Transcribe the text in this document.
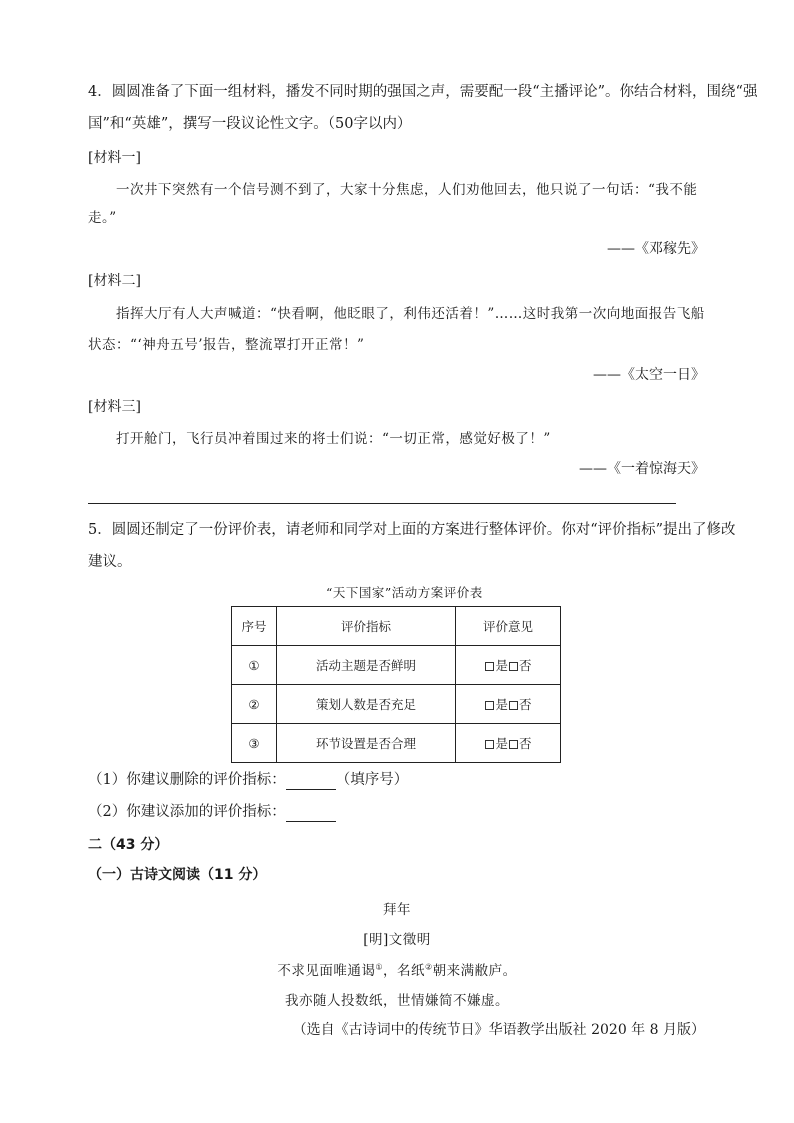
4．圆圆准备了下面一组材料，播发不同时期的强国之声，需要配一段“主播评论”。你结合材料，围绕“强
国”和“英雄”，撰写一段议论性文字。（50字以内）
[材料一]
一次井下突然有一个信号测不到了，大家十分焦虑，人们劝他回去，他只说了一句话：“我不能
走。”
——《邓稼先》
[材料二]
指挥大厅有人大声喊道：“快看啊，他眨眼了，利伟还活着！”……这时我第一次向地面报告飞船
状态：“‘神舟五号’报告，整流罩打开正常！”
——《太空一日》
[材料三]
打开舱门，飞行员冲着围过来的将士们说：“一切正常，感觉好极了！”
——《一着惊海天》
5．圆圆还制定了一份评价表，请老师和同学对上面的方案进行整体评价。你对“评价指标”提出了修改
建议。
“天下国家”活动方案评价表
序号	评价指标	评价意见
①	活动主题是否鲜明	是 否
②	策划人数是否充足	是 否
③	环节设置是否合理	是 否
（1）你建议删除的评价指标：	（填序号）
（2）你建议添加的评价指标：
二（43 分）
（一）古诗文阅读（11 分）
拜年
[明]文徵明
不求见面唯通谒①，名纸②朝来满敝庐。
我亦随人投数纸，世情嫌简不嫌虚。
（选自《古诗词中的传统节日》华语教学出版社 2020 年 8 月版）
